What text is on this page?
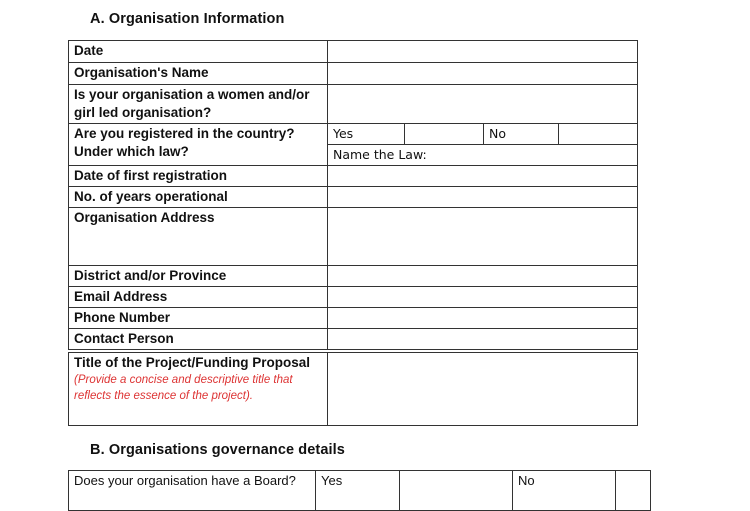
A. Organisation Information
Date				
Organisation's Name				
Is your organisation a women and/or girl led organisation?				
Are you registered in the country? Under which law?	Yes		No	
	Name the Law:			
Date of first registration				
No. of years operational				
Organisation Address				
District and/or Province				
Email Address				
Phone Number				
Contact Person				
Title of the Project/Funding Proposal
(Provide a concise and descriptive title that reflects the essence of the project).

B. Organisations governance details
Does your organisation have a Board?	Yes		No	
